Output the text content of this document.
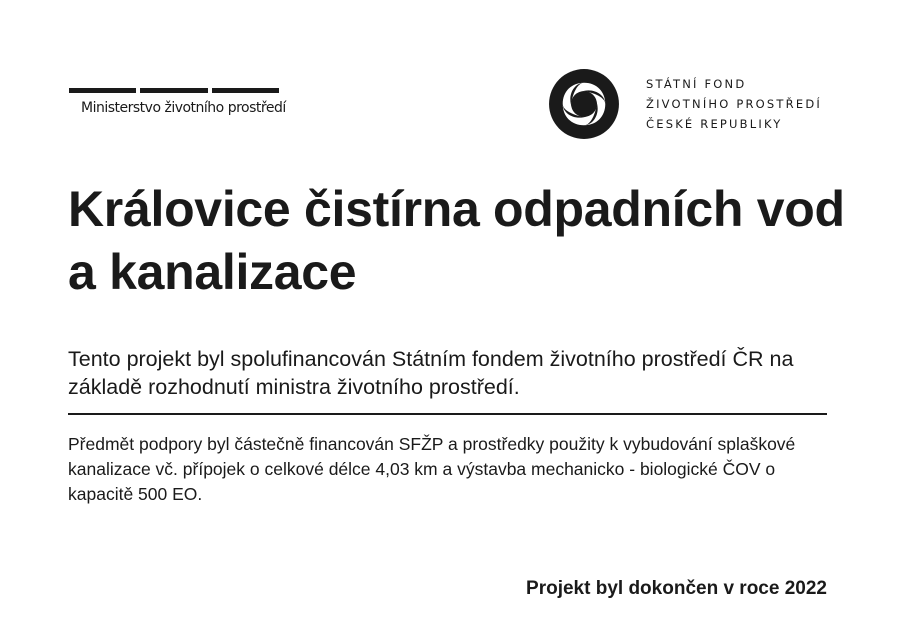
Ministerstvo životního prostředí
STÁTNÍ FOND
ŽIVOTNÍHO PROSTŘEDÍ
ČESKÉ REPUBLIKY
Královice čistírna odpadních vod a kanalizace

Tento projekt byl spolufinancován Státním fondem životního prostředí ČR na základě rozhodnutí ministra životního prostředí.

Předmět podpory byl částečně financován SFŽP a prostředky použity k vybudování splaškové kanalizace vč. přípojek o celkové délce 4,03 km a výstavba mechanicko - biologické ČOV o kapacitě 500 EO.

Projekt byl dokončen v roce 2022
